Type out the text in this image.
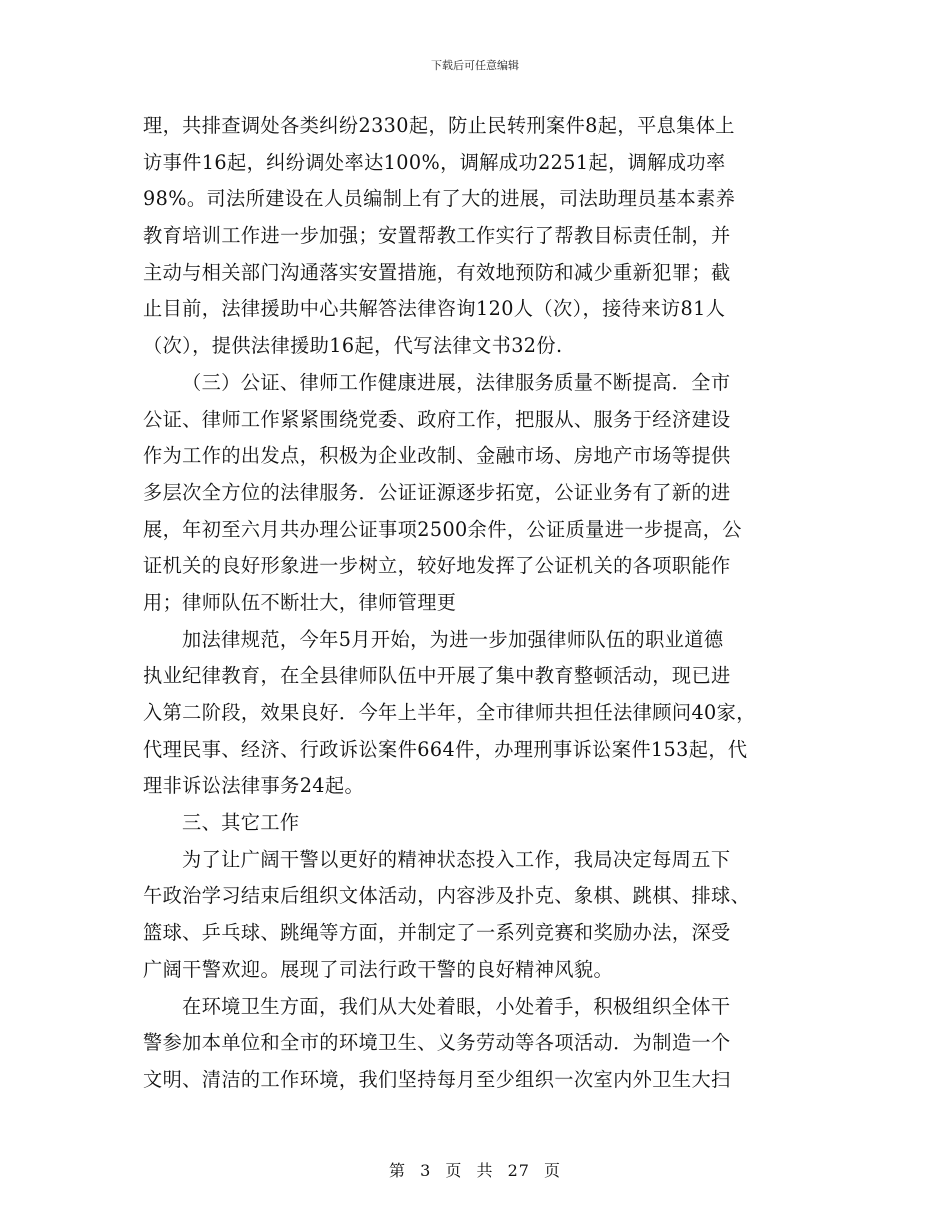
下载后可任意编辑
理，共排查调处各类纠纷2330起，防止民转刑案件8起，平息集体上
访事件16起，纠纷调处率达100%，调解成功2251起，调解成功率
98%。司法所建设在人员编制上有了大的进展，司法助理员基本素养
教育培训工作进一步加强；安置帮教工作实行了帮教目标责任制，并
主动与相关部门沟通落实安置措施，有效地预防和减少重新犯罪；截
止目前，法律援助中心共解答法律咨询120人（次），接待来访81人
（次），提供法律援助16起，代写法律文书32份.
（三）公证、律师工作健康进展，法律服务质量不断提高．全市
公证、律师工作紧紧围绕党委、政府工作，把服从、服务于经济建设
作为工作的出发点，积极为企业改制、金融市场、房地产市场等提供
多层次全方位的法律服务．公证证源逐步拓宽，公证业务有了新的进
展，年初至六月共办理公证事项2500余件，公证质量进一步提高，公
证机关的良好形象进一步树立，较好地发挥了公证机关的各项职能作
用；律师队伍不断壮大，律师管理更
加法律规范，今年5月开始，为进一步加强律师队伍的职业道德
执业纪律教育，在全县律师队伍中开展了集中教育整顿活动，现已进
入第二阶段，效果良好．今年上半年，全市律师共担任法律顾问40家，
代理民事、经济、行政诉讼案件664件，办理刑事诉讼案件153起，代
理非诉讼法律事务24起。
三、其它工作
为了让广阔干警以更好的精神状态投入工作，我局决定每周五下
午政治学习结束后组织文体活动，内容涉及扑克、象棋、跳棋、排球、
篮球、乒乓球、跳绳等方面，并制定了一系列竞赛和奖励办法，深受
广阔干警欢迎。展现了司法行政干警的良好精神风貌。
在环境卫生方面，我们从大处着眼，小处着手，积极组织全体干
警参加本单位和全市的环境卫生、义务劳动等各项活动．为制造一个
文明、清洁的工作环境，我们坚持每月至少组织一次室内外卫生大扫
第 3 页 共 27 页
